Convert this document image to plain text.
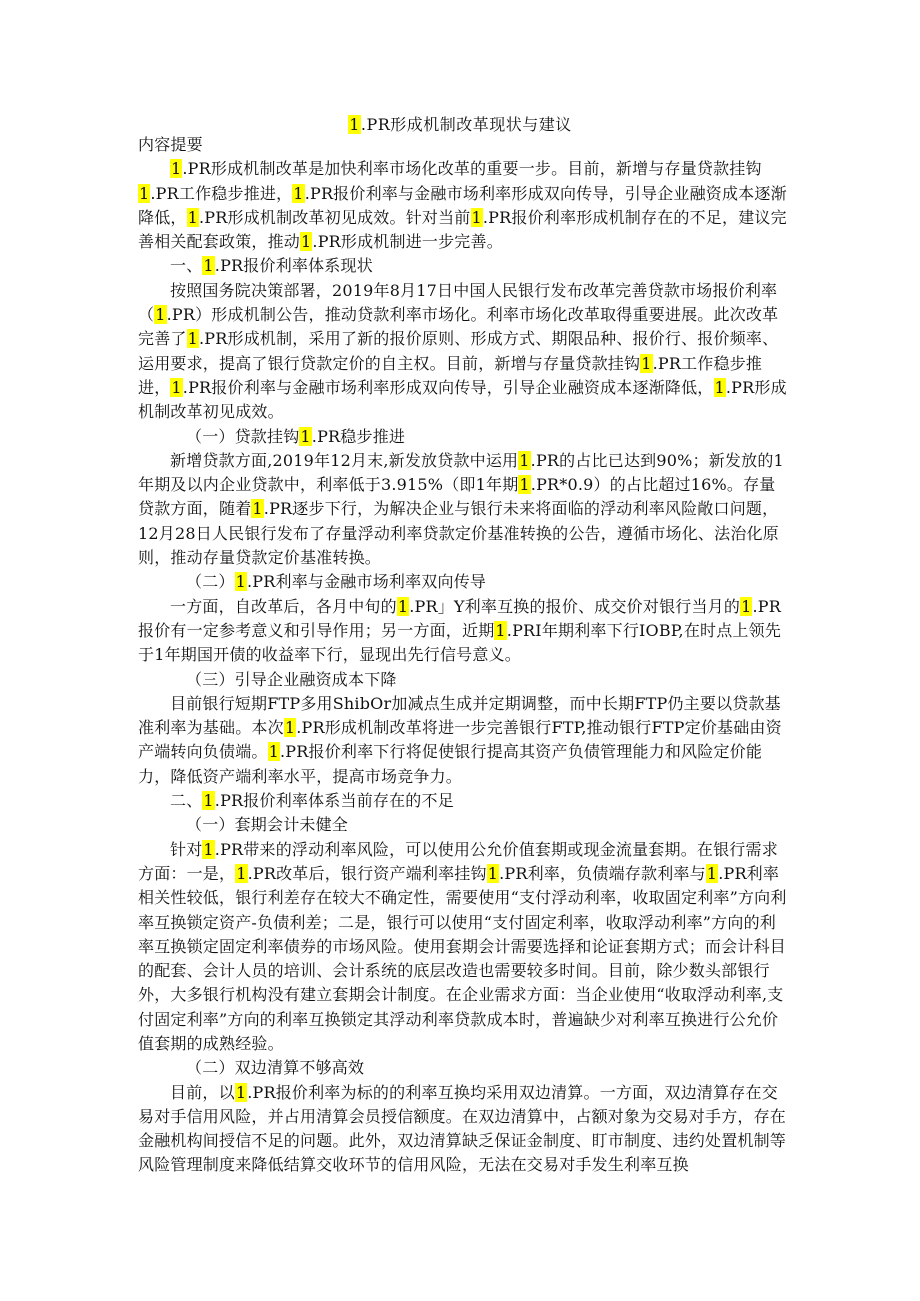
1.PR形成机制改革现状与建议

内容提要

1.PR形成机制改革是加快利率市场化改革的重要一步。目前，新增与存量贷款挂钩1.PR工作稳步推进，1.PR报价利率与金融市场利率形成双向传导，引导企业融资成本逐渐降低，1.PR形成机制改革初见成效。针对当前1.PR报价利率形成机制存在的不足，建议完善相关配套政策，推动1.PR形成机制进一步完善。

一、1.PR报价利率体系现状

按照国务院决策部署，2019年8月17日中国人民银行发布改革完善贷款市场报价利率（1.PR）形成机制公告，推动贷款利率市场化。利率市场化改革取得重要进展。此次改革完善了1.PR形成机制，采用了新的报价原则、形成方式、期限品种、报价行、报价频率、运用要求，提高了银行贷款定价的自主权。目前，新增与存量贷款挂钩1.PR工作稳步推进，1.PR报价利率与金融市场利率形成双向传导，引导企业融资成本逐渐降低，1.PR形成机制改革初见成效。

（一）贷款挂钩1.PR稳步推进

新增贷款方面,2019年12月末,新发放贷款中运用1.PR的占比已达到90%；新发放的1年期及以内企业贷款中，利率低于3.915%（即1年期1.PR*0.9）的占比超过16%。存量贷款方面，随着1.PR逐步下行，为解决企业与银行未来将面临的浮动利率风险敞口问题，12月28日人民银行发布了存量浮动利率贷款定价基准转换的公告，遵循市场化、法治化原则，推动存量贷款定价基准转换。

（二）1.PR利率与金融市场利率双向传导

一方面，自改革后，各月中旬的1.PR」Y利率互换的报价、成交价对银行当月的1.PR报价有一定参考意义和引导作用；另一方面，近期1.PRI年期利率下行IOBP,在时点上领先于1年期国开债的收益率下行，显现出先行信号意义。

（三）引导企业融资成本下降

目前银行短期FTP多用ShibOr加减点生成并定期调整，而中长期FTP仍主要以贷款基准利率为基础。本次1.PR形成机制改革将进一步完善银行FTP,推动银行FTP定价基础由资产端转向负债端。1.PR报价利率下行将促使银行提高其资产负债管理能力和风险定价能力，降低资产端利率水平，提高市场竞争力。

二、1.PR报价利率体系当前存在的不足

（一）套期会计未健全

针对1.PR带来的浮动利率风险，可以使用公允价值套期或现金流量套期。在银行需求方面：一是，1.PR改革后，银行资产端利率挂钩1.PR利率，负债端存款利率与1.PR利率相关性较低，银行利差存在较大不确定性，需要使用“支付浮动利率，收取固定利率”方向利率互换锁定资产-负债利差；二是，银行可以使用“支付固定利率，收取浮动利率”方向的利率互换锁定固定利率债券的市场风险。使用套期会计需要选择和论证套期方式；而会计科目的配套、会计人员的培训、会计系统的底层改造也需要较多时间。目前，除少数头部银行外，大多银行机构没有建立套期会计制度。在企业需求方面：当企业使用“收取浮动利率,支付固定利率”方向的利率互换锁定其浮动利率贷款成本时，普遍缺少对利率互换进行公允价值套期的成熟经验。

（二）双边清算不够高效

目前，以1.PR报价利率为标的的利率互换均采用双边清算。一方面，双边清算存在交易对手信用风险，并占用清算会员授信额度。在双边清算中，占额对象为交易对手方，存在金融机构间授信不足的问题。此外，双边清算缺乏保证金制度、盯市制度、违约处置机制等风险管理制度来降低结算交收环节的信用风险，无法在交易对手发生利率互换
